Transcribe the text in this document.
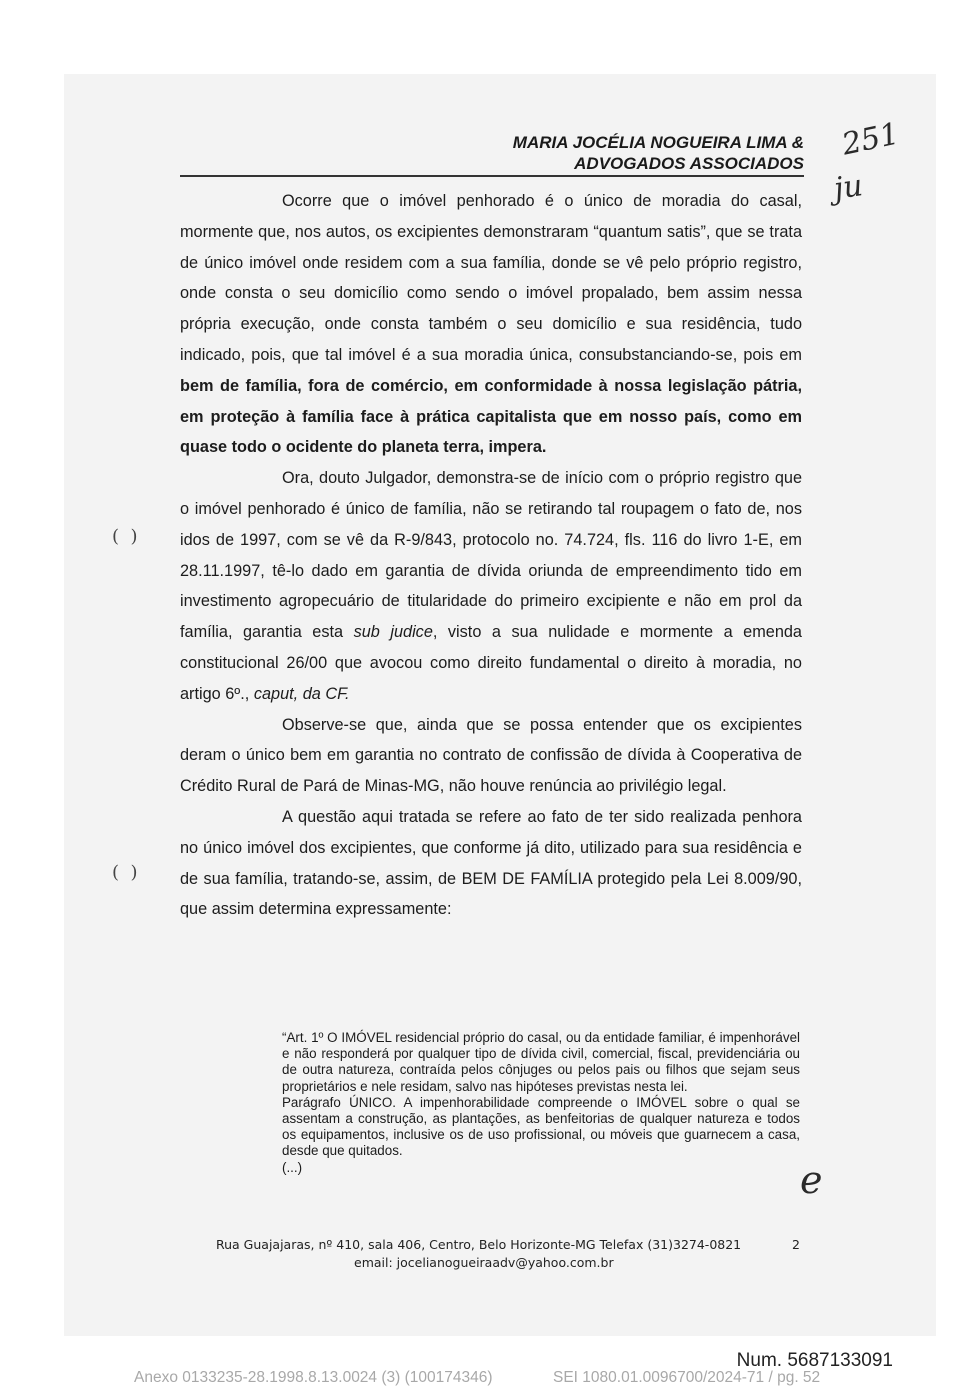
MARIA JOCÉLIA NOGUEIRA LIMA &
ADVOGADOS ASSOCIADOS
251
ju
e
(  )
(  )

Ocorre que o imóvel penhorado é o único de moradia do casal, mormente que, nos autos, os excipientes demonstraram “quantum satis”, que se trata de único imóvel onde residem com a sua família, donde se vê pelo próprio registro, onde consta o seu domicílio como sendo o imóvel propalado, bem assim nessa própria execução, onde consta também o seu domicílio e sua residência, tudo indicado, pois, que tal imóvel é a sua moradia única, consubstanciando-se, pois em bem de família, fora de comércio, em conformidade à nossa legislação pátria, em proteção à família face à prática capitalista que em nosso país, como em quase todo o ocidente do planeta terra, impera.

Ora, douto Julgador, demonstra-se de início com o próprio registro que o imóvel penhorado é único de família, não se retirando tal roupagem o fato de, nos idos de 1997, com se vê da R-9/843, protocolo no. 74.724, fls. 116 do livro 1-E, em 28.11.1997, tê-lo dado em garantia de dívida oriunda de empreendimento tido em investimento agropecuário de titularidade do primeiro excipiente e não em prol da família, garantia esta sub judice, visto a sua nulidade e mormente a emenda constitucional 26/00 que avocou como direito fundamental o direito à moradia, no artigo 6º., caput, da CF.

Observe-se que, ainda que se possa entender que os excipientes deram o único bem em garantia no contrato de confissão de dívida à Cooperativa de Crédito Rural de Pará de Minas-MG, não houve renúncia ao privilégio legal.

A questão aqui tratada se refere ao fato de ter sido realizada penhora no único imóvel dos excipientes, que conforme já dito, utilizado para sua residência e de sua família, tratando-se, assim, de BEM DE FAMÍLIA protegido pela Lei 8.009/90, que assim determina expressamente:

“Art. 1º O IMÓVEL residencial próprio do casal, ou da entidade familiar, é impenhorável e não responderá por qualquer tipo de dívida civil, comercial, fiscal, previdenciária ou de outra natureza, contraída pelos cônjuges ou pelos pais ou filhos que sejam seus proprietários e nele residam, salvo nas hipóteses previstas nesta lei.

Parágrafo ÚNICO. A impenhorabilidade compreende o IMÓVEL sobre o qual se assentam a construção, as plantações, as benfeitorias de qualquer natureza e todos os equipamentos, inclusive os de uso profissional, ou móveis que guarnecem a casa, desde que quitados.

(...)

Rua Guajajaras, nº 410, sala 406, Centro, Belo Horizonte-MG Telefax (31)3274-0821
email: jocelianogueiraadv@yahoo.com.br
2
Num. 5687133091
Anexo 0133235-28.1998.8.13.0024 (3) (100174346)	SEI 1080.01.0096700/2024-71 / pg. 52
